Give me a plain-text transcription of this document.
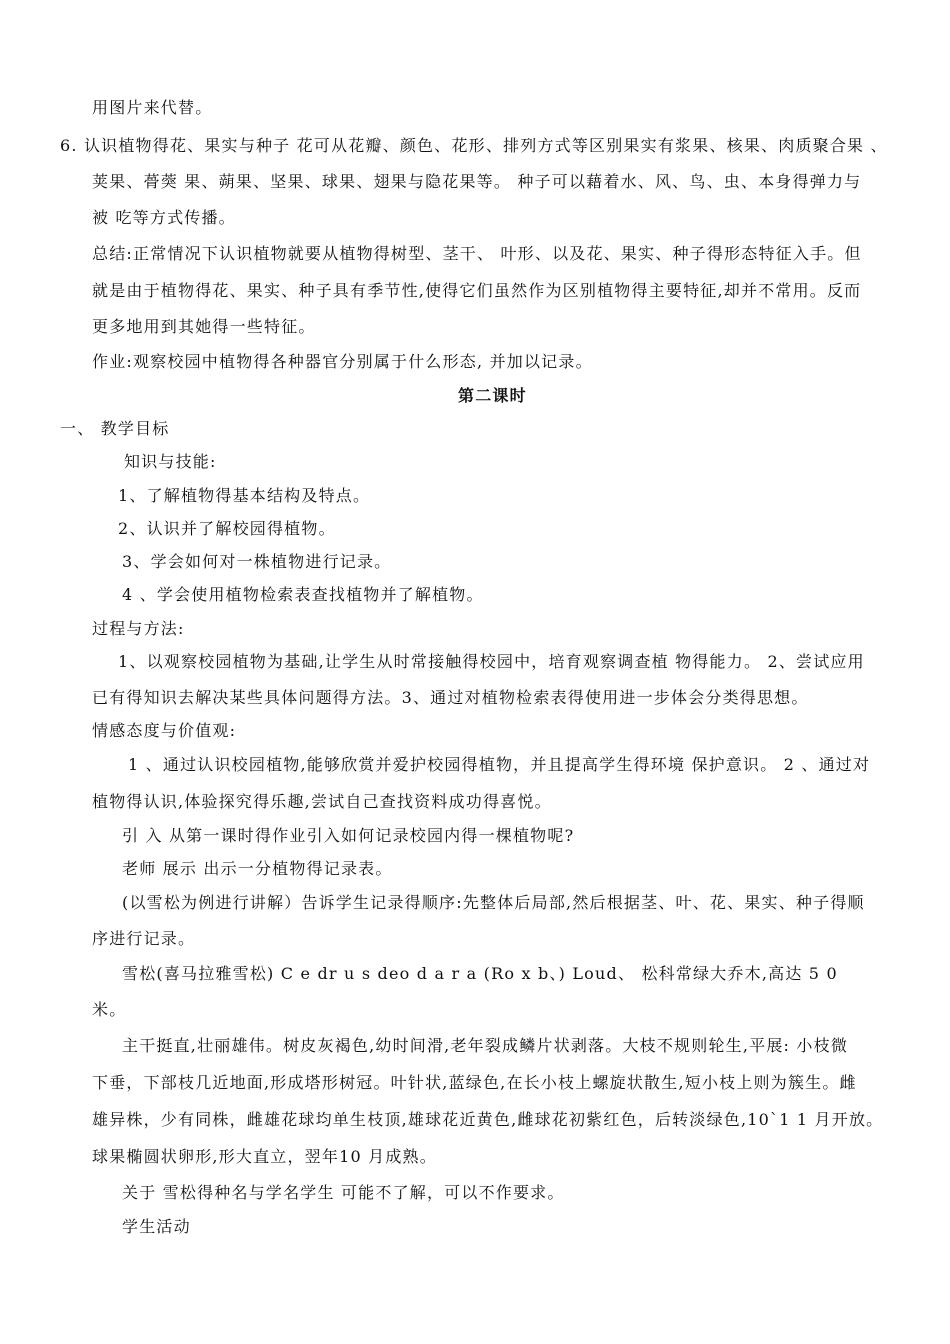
用图片来代替。
6. 认识植物得花、果实与种子 花可从花瓣、颜色、花形、排列方式等区别果实有浆果、核果、肉质聚合果 、
荚果、蓇葖 果、蒴果、坚果、球果、翅果与隐花果等。 种子可以藉着水、风、鸟、虫、本身得弹力与
被 吃等方式传播。
总结:正常情况下认识植物就要从植物得树型、茎干、 叶形、以及花、果实、种子得形态特征入手。但
就是由于植物得花、果实、种子具有季节性,使得它们虽然作为区别植物得主要特征,却并不常用。反而
更多地用到其她得一些特征。
作业:观察校园中植物得各种器官分别属于什么形态, 并加以记录。
第二课时
一、 教学目标
知识与技能:
1、了解植物得基本结构及特点。
2、认识并了解校园得植物。
3、学会如何对一株植物进行记录。
4 、学会使用植物检索表查找植物并了解植物。
过程与方法:
1、以观察校园植物为基础,让学生从时常接触得校园中，培育观察调查植 物得能力。 2、尝试应用
已有得知识去解决某些具体问题得方法。3、通过对植物检索表得使用进一步体会分类得思想。
情感态度与价值观:
1 、通过认识校园植物,能够欣赏并爱护校园得植物，并且提高学生得环境 保护意识。 2 、通过对
植物得认识,体验探究得乐趣,尝试自己查找资料成功得喜悦。
引 入 从第一课时得作业引入如何记录校园内得一棵植物呢?
老师 展示 出示一分植物得记录表。
(以雪松为例进行讲解）告诉学生记录得顺序:先整体后局部,然后根据茎、叶、花、果实、种子得顺
序进行记录。
雪松(喜马拉雅雪松) C e dr u s deo d a r a (Ro x b、) Loud、 松科常绿大乔木,高达 5 0
米。
主干挺直,壮丽雄伟。树皮灰褐色,幼时间滑,老年裂成鳞片状剥落。大枝不规则轮生,平展: 小枝微
下垂，下部枝几近地面,形成塔形树冠。叶针状,蓝绿色,在长小枝上螺旋状散生,短小枝上则为簇生。雌
雄异株，少有同株，雌雄花球均单生枝顶,雄球花近黄色,雌球花初紫红色，后转淡绿色,10`1 1 月开放。
球果椭圆状卵形,形大直立，翌年10 月成熟。
关于 雪松得种名与学名学生 可能不了解，可以不作要求。
学生活动
